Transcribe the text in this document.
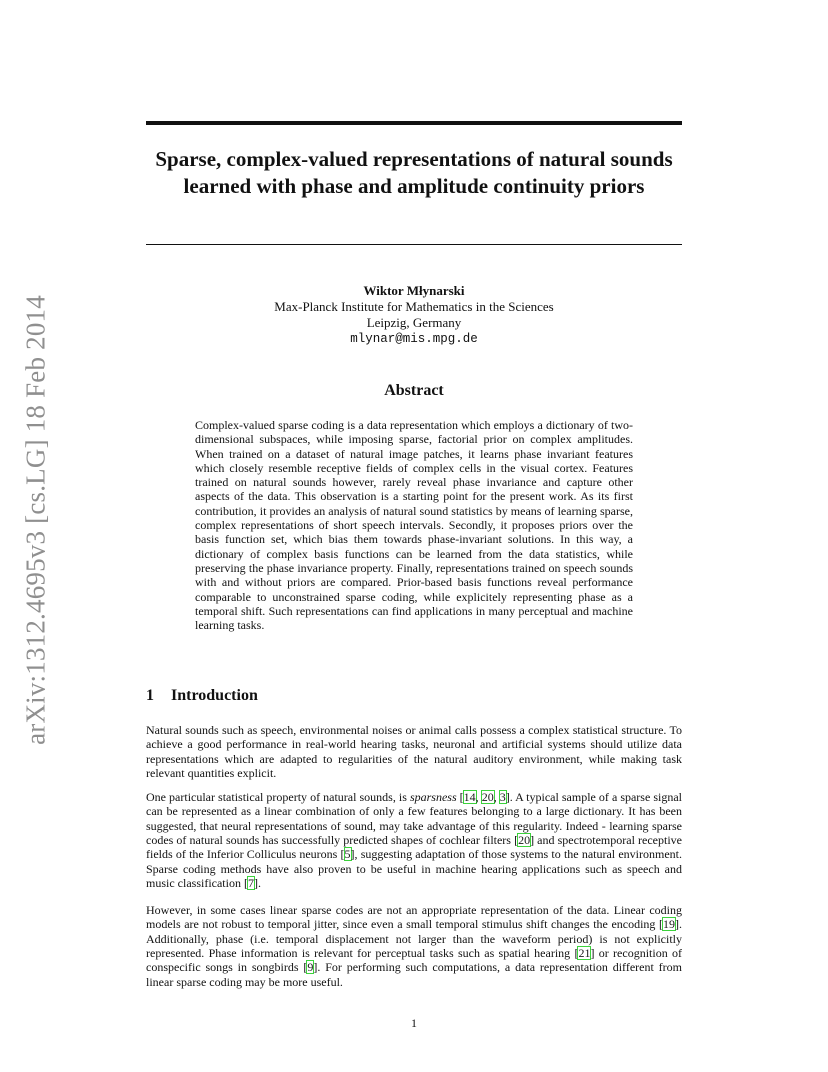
arXiv:1312.4695v3 [cs.LG] 18 Feb 2014
Sparse, complex-valued representations of natural sounds learned with phase and amplitude continuity priors
Wiktor Młynarski
Max-Planck Institute for Mathematics in the Sciences
Leipzig, Germany
mlynar@mis.mpg.de
Abstract

Complex-valued sparse coding is a data representation which employs a dictionary of two-dimensional subspaces, while imposing sparse, factorial prior on complex amplitudes. When trained on a dataset of natural image patches, it learns phase invariant features which closely resemble receptive fields of complex cells in the visual cortex. Features trained on natural sounds however, rarely reveal phase invariance and capture other aspects of the data. This observation is a starting point for the present work. As its first contribution, it provides an analysis of natural sound statistics by means of learning sparse, complex representations of short speech intervals. Secondly, it proposes priors over the basis function set, which bias them towards phase-invariant solutions. In this way, a dictionary of complex basis functions can be learned from the data statistics, while preserving the phase invariance property. Finally, representations trained on speech sounds with and without priors are compared. Prior-based basis functions reveal performance comparable to unconstrained sparse coding, while explicitely representing phase as a temporal shift. Such representations can find applications in many perceptual and machine learning tasks.

1 Introduction

Natural sounds such as speech, environmental noises or animal calls possess a complex statistical structure. To achieve a good performance in real-world hearing tasks, neuronal and artificial systems should utilize data representations which are adapted to regularities of the natural auditory environment, while making task relevant quantities explicit.

One particular statistical property of natural sounds, is sparsness [14, 20, 3]. A typical sample of a sparse signal can be represented as a linear combination of only a few features belonging to a large dictionary. It has been suggested, that neural representations of sound, may take advantage of this regularity. Indeed - learning sparse codes of natural sounds has successfully predicted shapes of cochlear filters [20] and spectrotemporal receptive fields of the Inferior Colliculus neurons [5], suggesting adaptation of those systems to the natural environment. Sparse coding methods have also proven to be useful in machine hearing applications such as speech and music classification [7].

However, in some cases linear sparse codes are not an appropriate representation of the data. Linear coding models are not robust to temporal jitter, since even a small temporal stimulus shift changes the encoding [19]. Additionally, phase (i.e. temporal displacement not larger than the waveform period) is not explicitly represented. Phase information is relevant for perceptual tasks such as spatial hearing [21] or recognition of conspecific songs in songbirds [9]. For performing such computations, a data representation different from linear sparse coding may be more useful.

1
